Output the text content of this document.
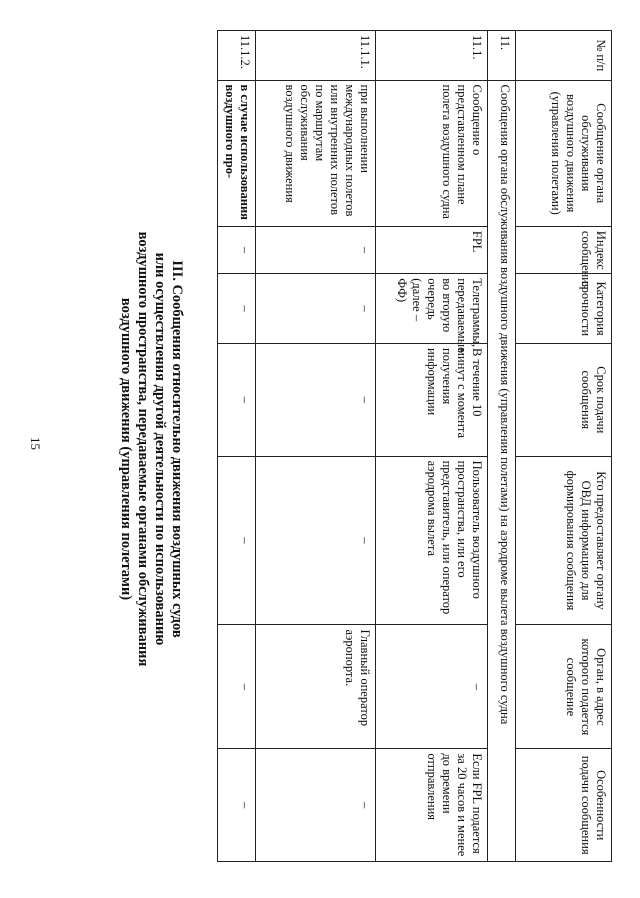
№ п/п	Сообщение органа обслуживания воздушного движения (управления полетами)	Индекс сообщения	Категория срочности	Срок подачи сообщения	Кто предоставляет органу ОВД информацию для формирования сообщения	Орган, в адрес которого подается сообщение	Особенности подачи сообщения
11.	Сообщения органа обслуживания воздушного движения (управления полетами) на аэродроме вылета воздушного судна						
11.1.	Сообщение о представленном плане полета воздушного судна	FPL	Телеграммы, передаваемые во вторую очередь (далее – ФФ)	В течение 10 минут с момента получения информации	Пользователь воздушного пространства, или его представитель, или оператор аэродрома вылета	–	Если FPL подается за 20 часов и менее до времени отправления
11.1.1.	при выполнении международных полетов или внутренних полетов по маршрутам обслуживания воздушного движения	–	–	–	–	Главный оператор аэропорта.	–
11.1.2.	в случае использования воздушного про-	–	–	–	–	–	–
III. Сообщения относительно движения воздушных судов
или осуществления другой деятельности по использованию
воздушного пространства, передаваемые органами обслуживания
воздушного движения (управления полетами)
15
